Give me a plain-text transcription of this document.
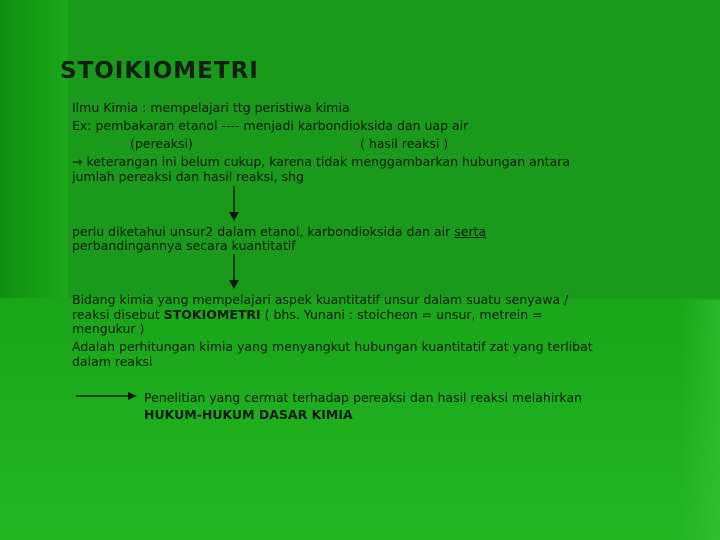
STOIKIOMETRI
Ilmu Kimia : mempelajari ttg peristiwa kimia
Ex: pembakaran etanol ---- menjadi karbondioksida dan uap air
(pereaksi)	( hasil reaksi )
→ keterangan ini belum cukup, karena tidak menggambarkan hubungan antara
jumlah pereaksi dan hasil reaksi, shg
perlu diketahui unsur2 dalam etanol, karbondioksida dan air serta
perbandingannya secara kuantitatif
Bidang kimia yang mempelajari aspek kuantitatif unsur dalam suatu senyawa /
reaksi disebut STOKIOMETRI ( bhs. Yunani : stoicheon = unsur, metrein =
mengukur )
Adalah perhitungan kimia yang menyangkut hubungan kuantitatif zat yang terlibat
dalam reaksi
Penelitian yang cermat terhadap pereaksi dan hasil reaksi melahirkan
HUKUM-HUKUM DASAR KIMIA
